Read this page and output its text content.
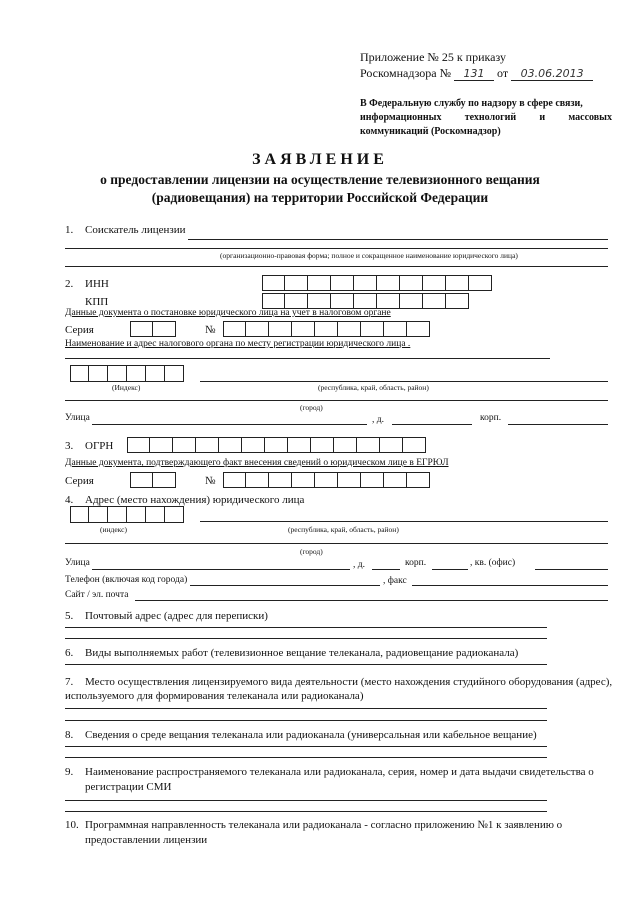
Приложение № 25 к приказу
Роскомнадзора № 131 от 03.06.2013
В Федеральную службу по надзору в сфере связи,
информационных технологий и массовых
коммуникаций (Роскомнадзор)
ЗАЯВЛЕНИЕ
о предоставлении лицензии на осуществление телевизионного вещания
(радиовещания) на территории Российской Федерации
1. Соискатель лицензии
(организационно-правовая форма; полное и сокращенное наименование юридического лица)
2. ИНН
КПП
Данные документа о постановке юридического лица на учет в налоговом органе
Серия	№
Наименование и адрес налогового органа по месту регистрации юридического лица .
(Индекс)	(республика, край, область, район)
(город)
Улица	, д.	корп.
3. ОГРН
Данные документа, подтверждающего факт внесения сведений о юридическом лице в ЕГРЮЛ
Серия	№
4. Адрес (место нахождения) юридического лица
(индекс)	(республика, край, область, район)
(город)
Улица	, д.	корп.	, кв. (офис)
Телефон (включая код города)	, факс
Сайт / эл. почта
5. Почтовый адрес (адрес для переписки)
6. Виды выполняемых работ (телевизионное вещание телеканала, радиовещание радиоканала)
7. Место осуществления лицензируемого вида деятельности (место нахождения студийного оборудования (адрес),
используемого для формирования телеканала или радиоканала)
8. Сведения о среде вещания телеканала или радиоканала (универсальная или кабельное вещание)
9. Наименование распространяемого телеканала или радиоканала, серия, номер и дата выдачи свидетельства о
регистрации СМИ
10. Программная направленность телеканала или радиоканала - согласно приложению №1 к заявлению о
предоставлении лицензии
